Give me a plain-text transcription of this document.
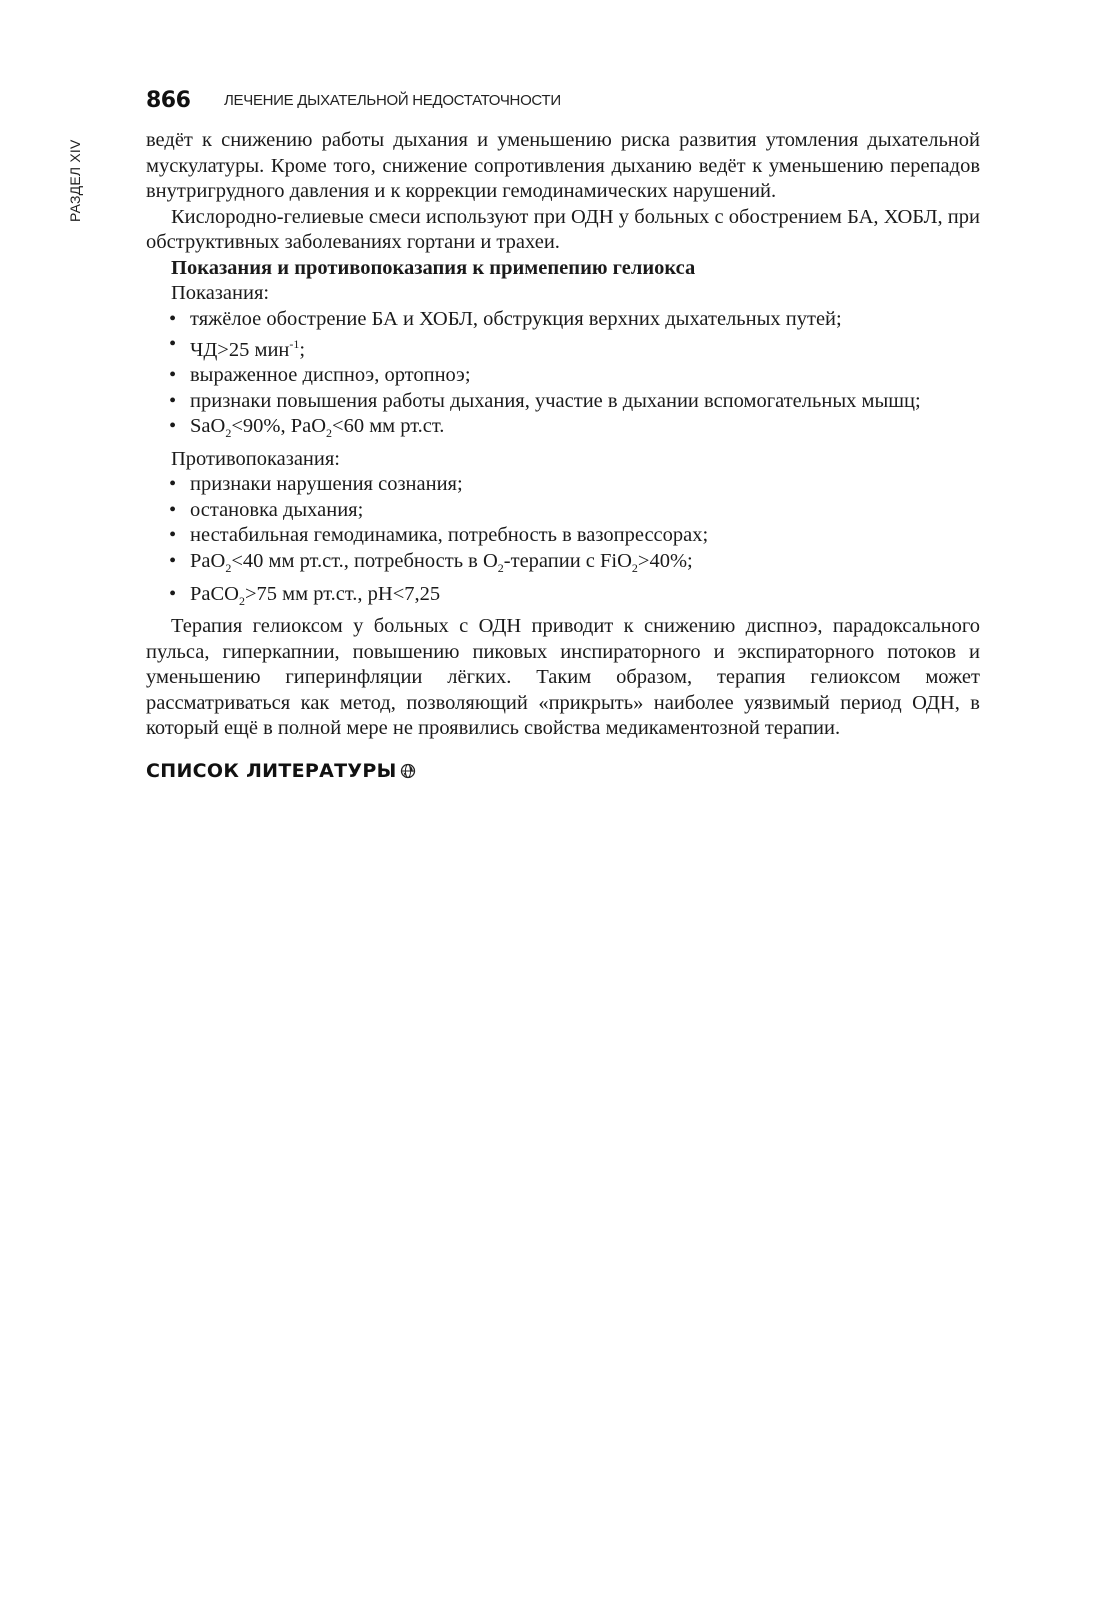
866 ЛЕЧЕНИЕ ДЫХАТЕЛЬНОЙ НЕДОСТАТОЧНОСТИ
РАЗДЕЛ XIV	ведёт к снижению работы дыхания и уменьшению риска развития утомления дыхательной мускулатуры. Кроме того, снижение сопротивления дыханию ведёт к уменьшению перепадов внутригрудного давления и к коррекции гемодинамических нарушений.

Кислородно-гелиевые смеси используют при ОДН у больных с обострением БА, ХОБЛ, при обструктивных заболеваниях гортани и трахеи.

Показания и противопоказапия к примепепию гелиокса

Показания:

• тяжёлое обострение БА и ХОБЛ, обструкция верхних дыхательных путей;
• ЧД>25 мин$^{-1}$;
• выраженное диспноэ, ортопноэ;
• признаки повышения работы дыхания, участие в дыхании вспомогательных мышц;
• SaO$_2$<90%, PaO$_2$<60 мм рт.ст.

Противопоказания:

• признаки нарушения сознания;
• остановка дыхания;
• нестабильная гемодинамика, потребность в вазопрессорах;
• PaO$_2$<40 мм рт.ст., потребность в $O_2$-терапии с FiO$_2$>40%;
• PaCO$_2$>75 мм рт.ст., pH<7,25

Терапия гелиоксом у больных с ОДН приводит к снижению диспноэ, парадоксального пульса, гиперкапнии, повышению пиковых инспираторного и экспираторного потоков и уменьшению гиперинфляции лёгких. Таким образом, терапия гелиоксом может рассматриваться как метод, позволяющий «прикрыть» наиболее уязвимый период ОДН, в который ещё в полной мере не проявились свойства медикаментозной терапии.

СПИСОК ЛИТЕРАТУРЫ
